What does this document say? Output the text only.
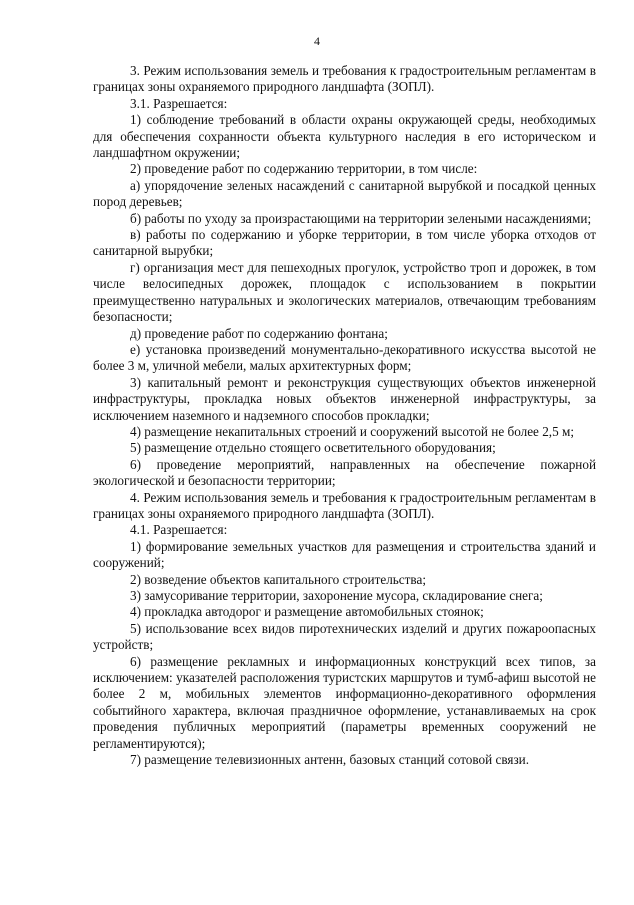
4

3. Режим использования земель и требования к градостроительным регламентам в границах зоны охраняемого природного ландшафта (ЗОПЛ).

3.1. Разрешается:

1) соблюдение требований в области охраны окружающей среды, необходимых для обеспечения сохранности объекта культурного наследия в его историческом и ландшафтном окружении;

2) проведение работ по содержанию территории, в том числе:

а) упорядочение зеленых насаждений с санитарной вырубкой и посадкой ценных пород деревьев;

б) работы по уходу за произрастающими на территории зелеными насаждениями;

в) работы по содержанию и уборке территории, в том числе уборка отходов от санитарной вырубки;

г) организация мест для пешеходных прогулок, устройство троп и дорожек, в том числе велосипедных дорожек, площадок с использованием в покрытии преимущественно натуральных и экологических материалов, отвечающим требованиям безопасности;

д) проведение работ по содержанию фонтана;

е) установка произведений монументально-декоративного искусства высотой не более 3 м, уличной мебели, малых архитектурных форм;

3) капитальный ремонт и реконструкция существующих объектов инженерной инфраструктуры, прокладка новых объектов инженерной инфраструктуры, за исключением наземного и надземного способов прокладки;

4) размещение некапитальных строений и сооружений высотой не более 2,5 м;

5) размещение отдельно стоящего осветительного оборудования;

6) проведение мероприятий, направленных на обеспечение пожарной экологической и безопасности территории;

4. Режим использования земель и требования к градостроительным регламентам в границах зоны охраняемого природного ландшафта (ЗОПЛ).

4.1. Разрешается:

1) формирование земельных участков для размещения и строительства зданий и сооружений;

2) возведение объектов капитального строительства;

3) замусоривание территории, захоронение мусора, складирование снега;

4) прокладка автодорог и размещение автомобильных стоянок;

5) использование всех видов пиротехнических изделий и других пожароопасных устройств;

6) размещение рекламных и информационных конструкций всех типов, за исключением: указателей расположения туристских маршрутов и тумб-афиш высотой не более 2 м, мобильных элементов информационно-декоративного оформления событийного характера, включая праздничное оформление, устанавливаемых на срок проведения публичных мероприятий (параметры временных сооружений не регламентируются);

7) размещение телевизионных антенн, базовых станций сотовой связи.
